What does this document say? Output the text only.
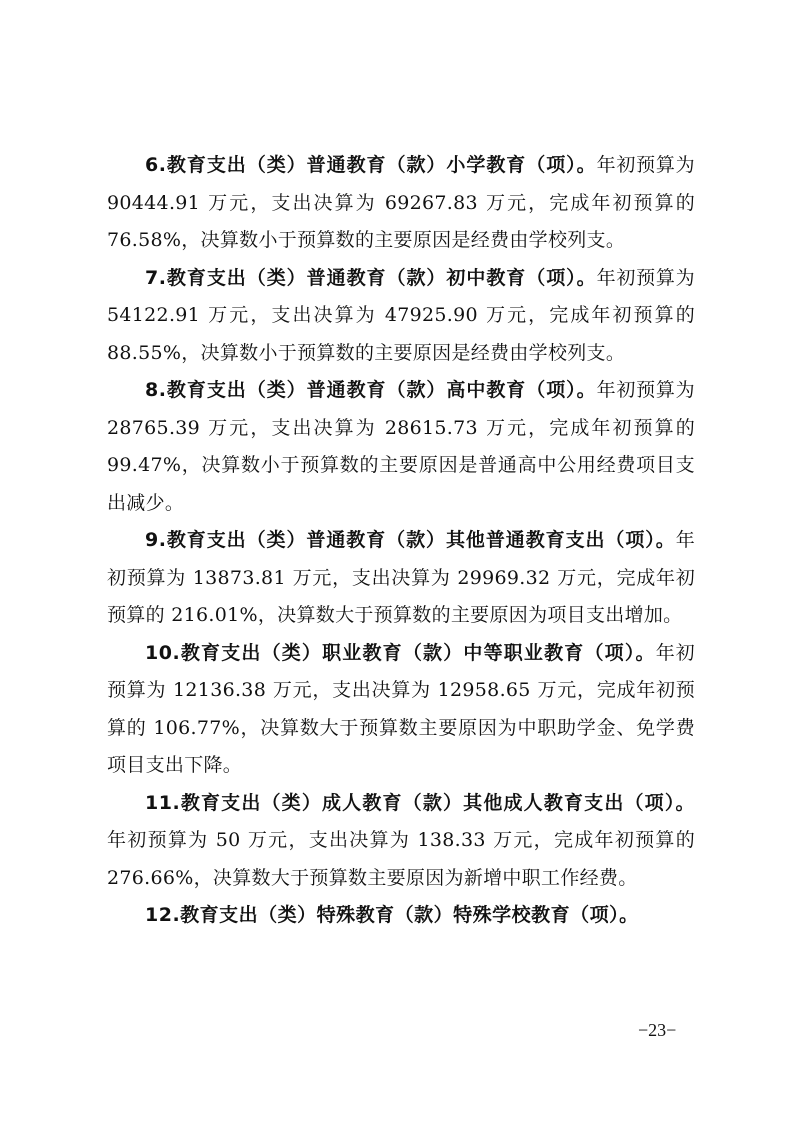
6.教育支出（类）普通教育（款）小学教育（项）。年初预算为 90444.91 万元，支出决算为 69267.83 万元，完成年初预算的 76.58%，决算数小于预算数的主要原因是经费由学校列支。

7.教育支出（类）普通教育（款）初中教育（项）。年初预算为 54122.91 万元，支出决算为 47925.90 万元，完成年初预算的 88.55%，决算数小于预算数的主要原因是经费由学校列支。

8.教育支出（类）普通教育（款）高中教育（项）。年初预算为 28765.39 万元，支出决算为 28615.73 万元，完成年初预算的 99.47%，决算数小于预算数的主要原因是普通高中公用经费项目支出减少。

9.教育支出（类）普通教育（款）其他普通教育支出（项）。年初预算为 13873.81 万元，支出决算为 29969.32 万元，完成年初预算的 216.01%，决算数大于预算数的主要原因为项目支出增加。

10.教育支出（类）职业教育（款）中等职业教育（项）。年初预算为 12136.38 万元，支出决算为 12958.65 万元，完成年初预算的 106.77%，决算数大于预算数主要原因为中职助学金、免学费项目支出下降。

11.教育支出（类）成人教育（款）其他成人教育支出（项）。年初预算为 50 万元，支出决算为 138.33 万元，完成年初预算的 276.66%，决算数大于预算数主要原因为新增中职工作经费。

12.教育支出（类）特殊教育（款）特殊学校教育（项）。

−23−
